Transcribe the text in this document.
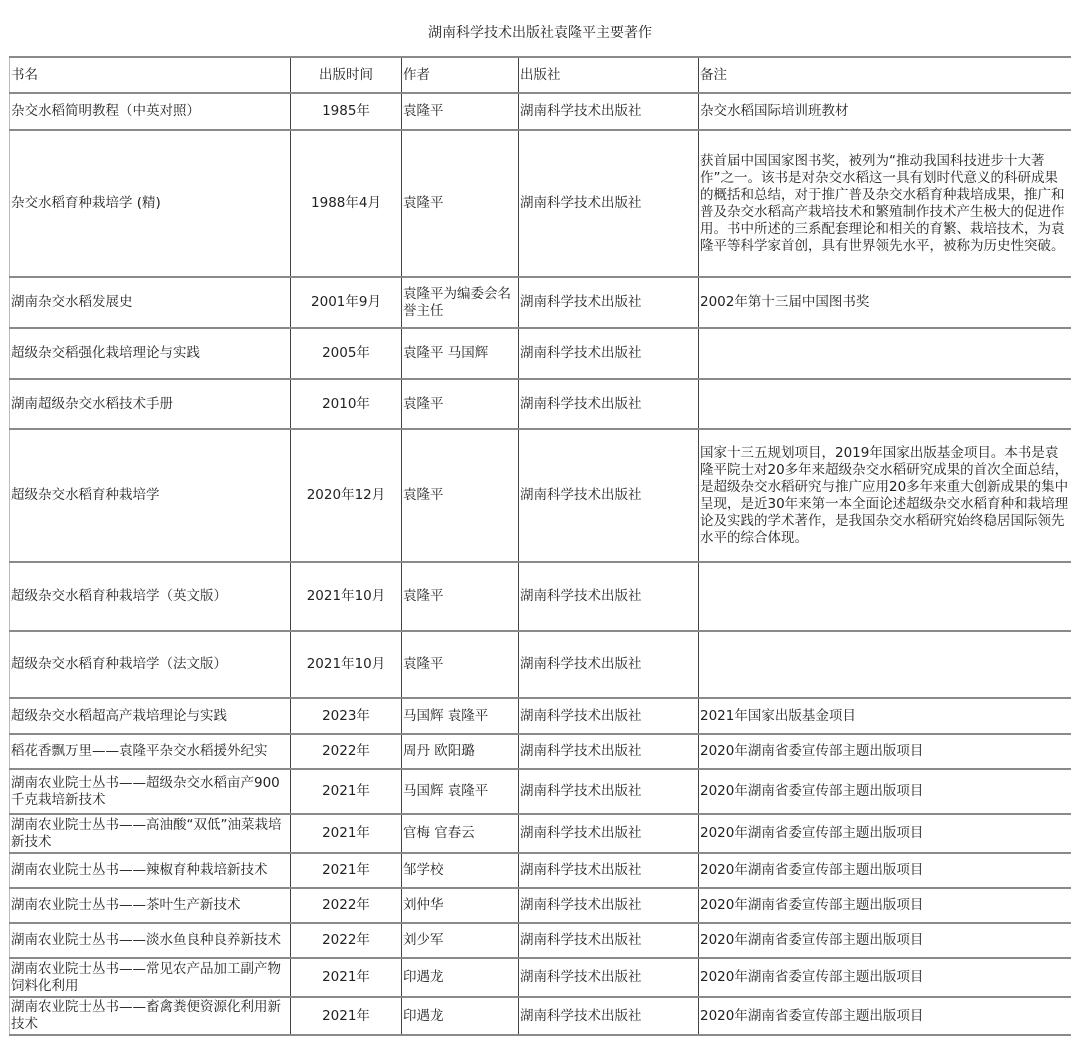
湖南科学技术出版社袁隆平主要著作
书名	出版时间	作者	出版社	备注
杂交水稻简明教程（中英对照）	1985年	袁隆平	湖南科学技术出版社	杂交水稻国际培训班教材
杂交水稻育种栽培学 (精)	1988年4月	袁隆平	湖南科学技术出版社	获首届中国国家图书奖，被列为“推动我国科技进步十大著作”之一。该书是对杂交水稻这一具有划时代意义的科研成果的概括和总结，对于推广普及杂交水稻育种栽培成果，推广和普及杂交水稻高产栽培技术和繁殖制作技术产生极大的促进作用。书中所述的三系配套理论和相关的育繁、栽培技术，为袁隆平等科学家首创，具有世界领先水平，被称为历史性突破。
湖南杂交水稻发展史	2001年9月	袁隆平为编委会名誉主任	湖南科学技术出版社	2002年第十三届中国图书奖
超级杂交稻强化栽培理论与实践	2005年	袁隆平 马国辉	湖南科学技术出版社	
湖南超级杂交水稻技术手册	2010年	袁隆平	湖南科学技术出版社	
超级杂交水稻育种栽培学	2020年12月	袁隆平	湖南科学技术出版社	国家十三五规划项目，2019年国家出版基金项目。本书是袁隆平院士对20多年来超级杂交水稻研究成果的首次全面总结，是超级杂交水稻研究与推广应用20多年来重大创新成果的集中呈现，是近30年来第一本全面论述超级杂交水稻育种和栽培理论及实践的学术著作，是我国杂交水稻研究始终稳居国际领先水平的综合体现。
超级杂交水稻育种栽培学（英文版）	2021年10月	袁隆平	湖南科学技术出版社	
超级杂交水稻育种栽培学（法文版）	2021年10月	袁隆平	湖南科学技术出版社	
超级杂交水稻超高产栽培理论与实践	2023年	马国辉 袁隆平	湖南科学技术出版社	2021年国家出版基金项目
稻花香飘万里——袁隆平杂交水稻援外纪实	2022年	周丹 欧阳璐	湖南科学技术出版社	2020年湖南省委宣传部主题出版项目
湖南农业院士丛书——超级杂交水稻亩产900千克栽培新技术	2021年	马国辉 袁隆平	湖南科学技术出版社	2020年湖南省委宣传部主题出版项目
湖南农业院士丛书——高油酸“双低”油菜栽培新技术	2021年	官梅 官春云	湖南科学技术出版社	2020年湖南省委宣传部主题出版项目
湖南农业院士丛书——辣椒育种栽培新技术	2021年	邹学校	湖南科学技术出版社	2020年湖南省委宣传部主题出版项目
湖南农业院士丛书——茶叶生产新技术	2022年	刘仲华	湖南科学技术出版社	2020年湖南省委宣传部主题出版项目
湖南农业院士丛书——淡水鱼良种良养新技术	2022年	刘少军	湖南科学技术出版社	2020年湖南省委宣传部主题出版项目
湖南农业院士丛书——常见农产品加工副产物饲料化利用	2021年	印遇龙	湖南科学技术出版社	2020年湖南省委宣传部主题出版项目
湖南农业院士丛书——畜禽粪便资源化利用新技术	2021年	印遇龙	湖南科学技术出版社	2020年湖南省委宣传部主题出版项目
